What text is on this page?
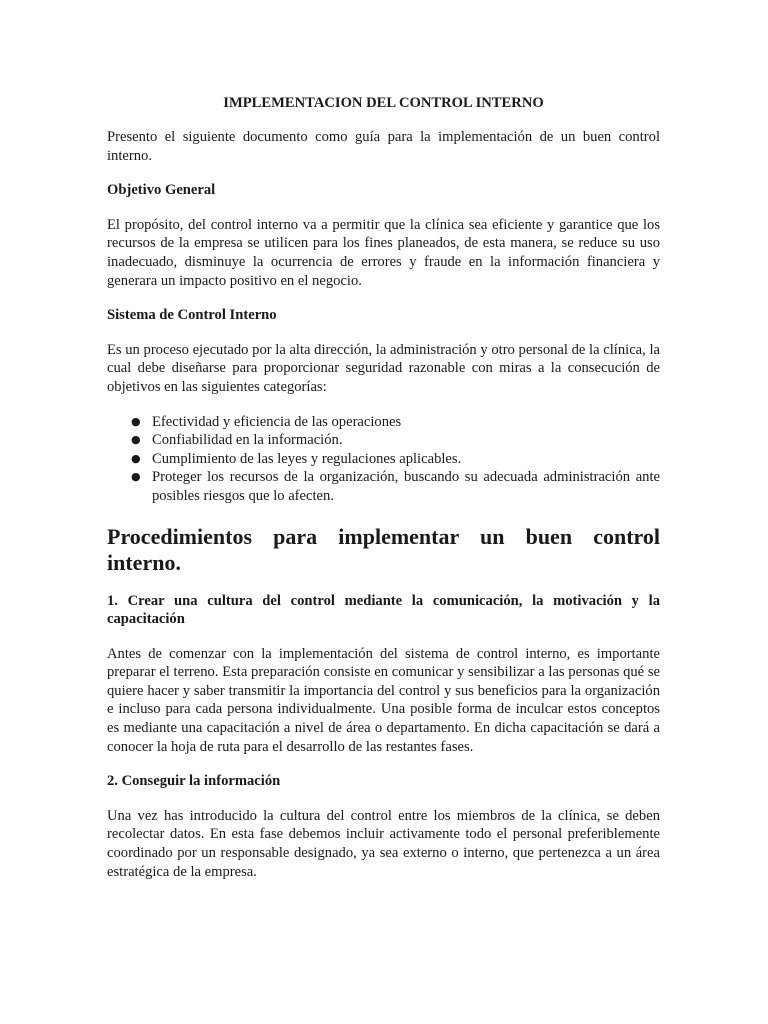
IMPLEMENTACION DEL CONTROL INTERNO

Presento el siguiente documento como guía para la implementación de un buen control interno.

Objetivo General

El propósito, del control interno va a permitir que la clínica sea eficiente y garantice que los recursos de la empresa se utilicen para los fines planeados, de esta manera, se reduce su uso inadecuado, disminuye la ocurrencia de errores y fraude en la información financiera y generara un impacto positivo en el negocio.

Sistema de Control Interno

Es un proceso ejecutado por la alta dirección, la administración y otro personal de la clínica, la cual debe diseñarse para proporcionar seguridad razonable con miras a la consecución de objetivos en las siguientes categorías:

● Efectividad y eficiencia de las operaciones
● Confiabilidad en la información.
● Cumplimiento de las leyes y regulaciones aplicables.
● Proteger los recursos de la organización, buscando su adecuada administración ante posibles riesgos que lo afecten.
Procedimientos para implementar un buen control interno.
1. Crear una cultura del control mediante la comunicación, la motivación y la capacitación

Antes de comenzar con la implementación del sistema de control interno, es importante preparar el terreno. Esta preparación consiste en comunicar y sensibilizar a las personas qué se quiere hacer y saber transmitir la importancia del control y sus beneficios para la organización e incluso para cada persona individualmente. Una posible forma de inculcar estos conceptos es mediante una capacitación a nivel de área o departamento. En dicha capacitación se dará a conocer la hoja de ruta para el desarrollo de las restantes fases.

2. Conseguir la información

Una vez has introducido la cultura del control entre los miembros de la clínica, se deben recolectar datos. En esta fase debemos incluir activamente todo el personal preferiblemente coordinado por un responsable designado, ya sea externo o interno, que pertenezca a un área estratégica de la empresa.
